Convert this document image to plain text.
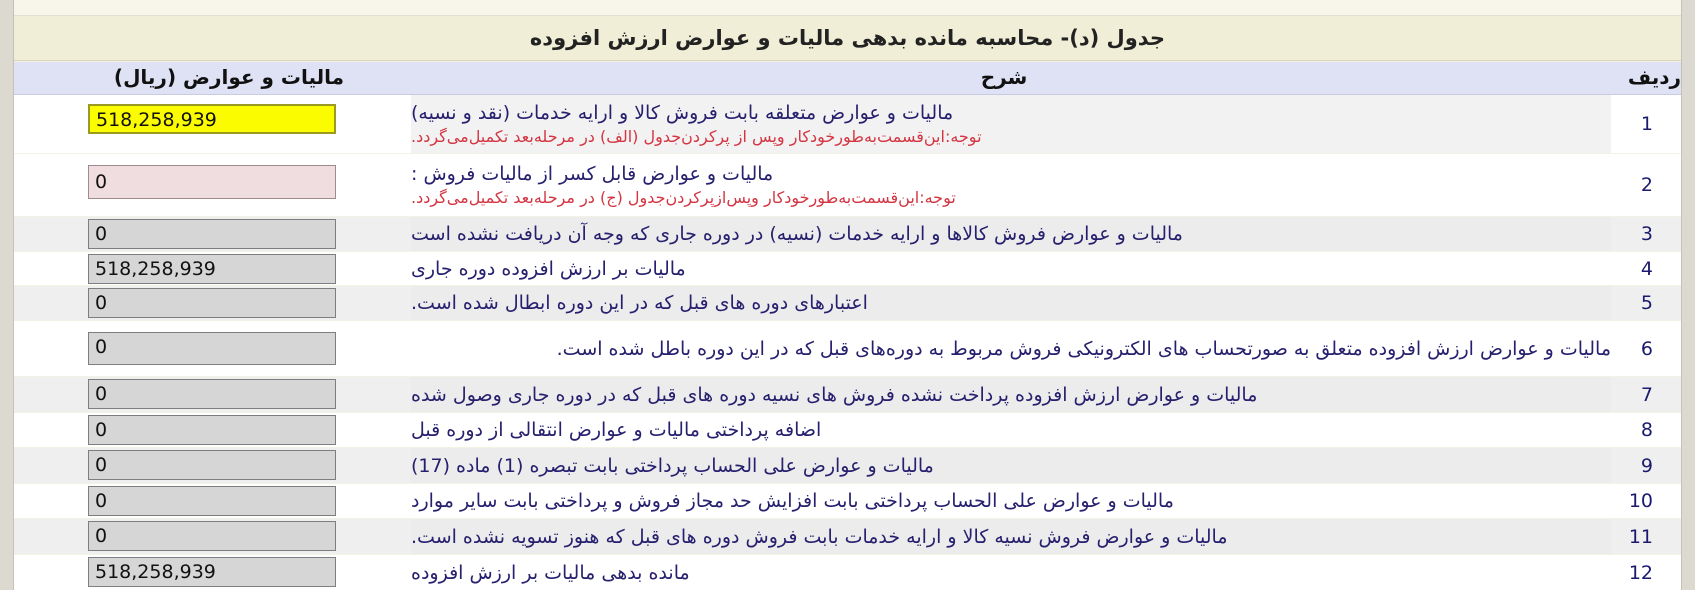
جدول (د)- محاسبه مانده بدهی مالیات و عوارض ارزش افزوده
ردیف
شرح
مالیات و عوارض (ریال)
1
مالیات و عوارض متعلقه بابت فروش کالا و ارایه خدمات (نقد و نسیه)
توجه:این‌قسمت‌به‌طورخودکار وپس از پرکردن‌جدول (الف) در مرحله‌بعد تکمیل‌می‌گردد.
518,258,939
2
مالیات و عوارض قابل کسر از مالیات فروش :
توجه:این‌قسمت‌به‌طورخودکار وپس‌ازپرکردن‌جدول (ج) در مرحله‌بعد تکمیل‌می‌گردد.
0
3
مالیات و عوارض فروش کالاها و ارایه خدمات (نسیه) در دوره جاری که وجه آن دریافت نشده است
0
4
مالیات بر ارزش افزوده دوره جاری
518,258,939
5
اعتبارهای دوره های قبل که در این دوره ابطال شده است.
0
6
مالیات و عوارض ارزش افزوده متعلق به صورتحساب های الکترونیکی فروش مربوط به دوره‌های قبل که در این دوره باطل شده است.
0
7
مالیات و عوارض ارزش افزوده پرداخت نشده فروش های نسیه دوره های قبل که در دوره جاری وصول شده
0
8
اضافه پرداختی مالیات و عوارض انتقالی از دوره قبل
0
9
مالیات و عوارض علی الحساب پرداختی بابت تبصره (1) ماده (17)
0
10
مالیات و عوارض علی الحساب پرداختی بابت افزایش حد مجاز فروش و پرداختی بابت سایر موارد
0
11
مالیات و عوارض فروش نسیه کالا و ارایه خدمات بابت فروش دوره های قبل که هنوز تسویه نشده است.
0
12
مانده بدهی مالیات بر ارزش افزوده
518,258,939
